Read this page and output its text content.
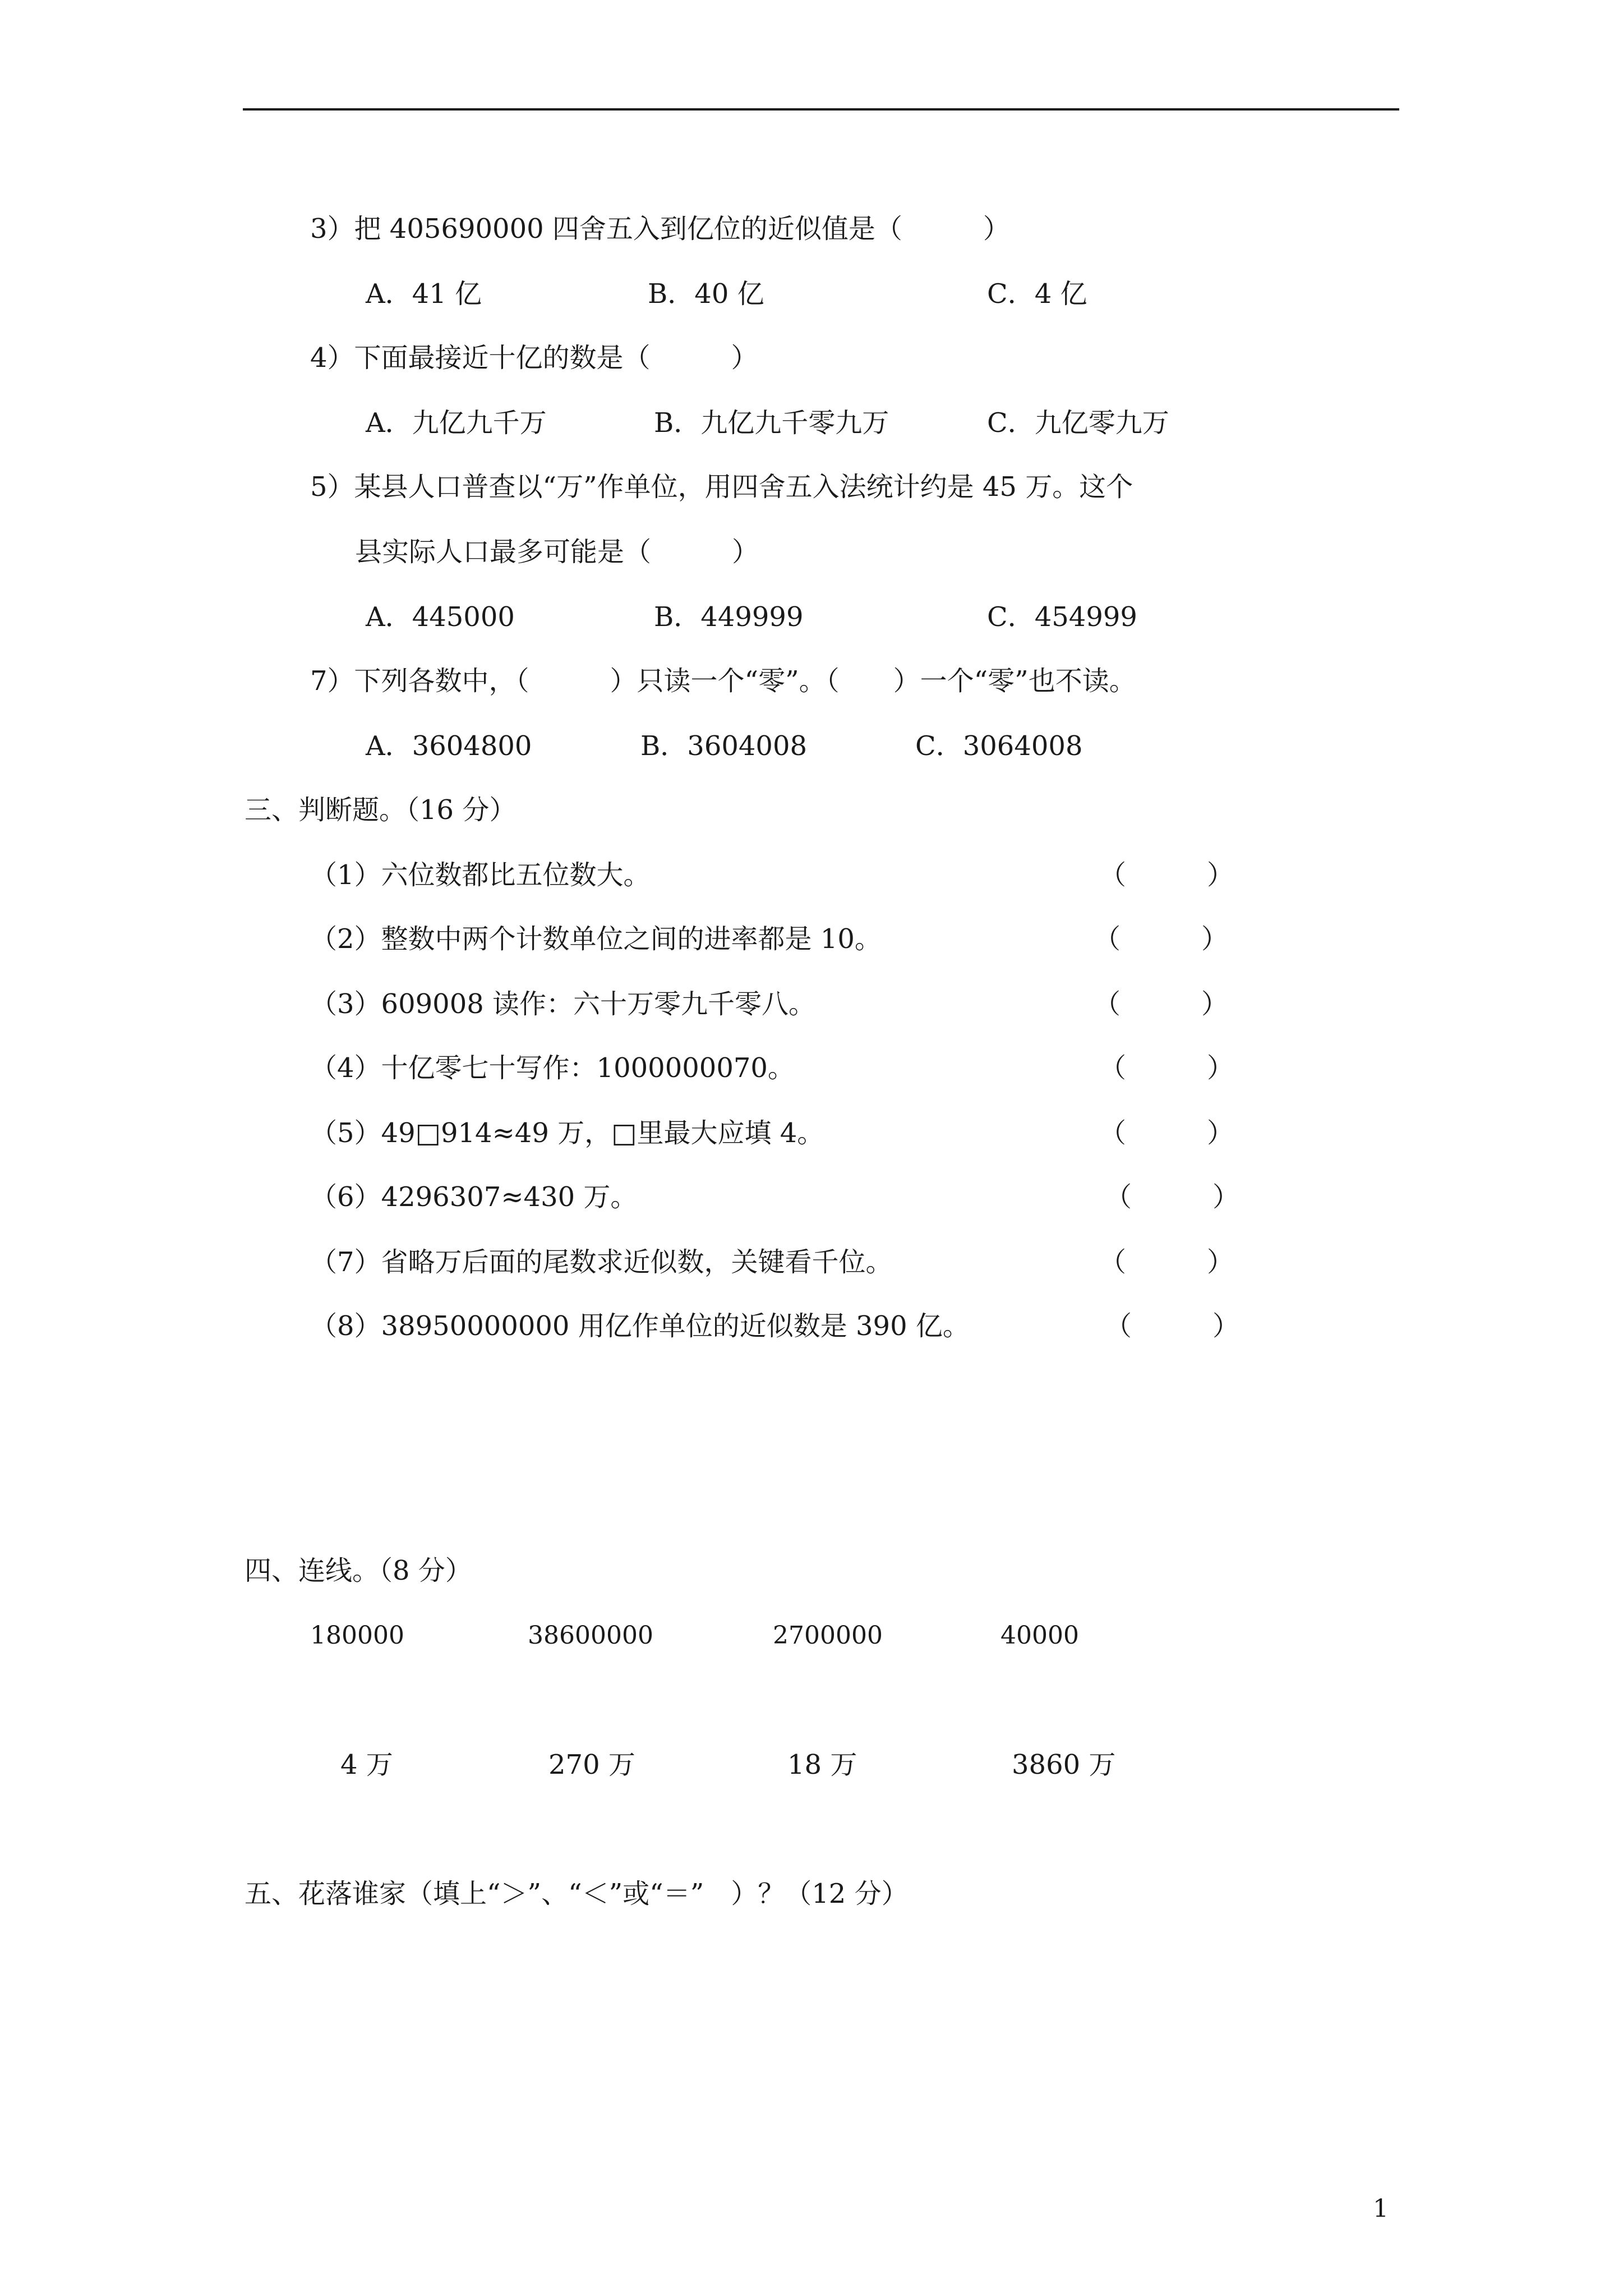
3）把 405690000 四舍五入到亿位的近似值是（　　　）
A．41 亿	B．40 亿	C．4 亿
4）下面最接近十亿的数是（　　　）
A．九亿九千万	B．九亿九千零九万	C．九亿零九万
5）某县人口普查以“万”作单位，用四舍五入法统计约是 45 万。这个
县实际人口最多可能是（　　　）
A．445000	B．449999	C．454999
7）下列各数中，（　　　）只读一个“零”。（　　）一个“零”也不读。
A．3604800	B．3604008	C．3064008
三、判断题。（16 分）
（1）六位数都比五位数大。	（　　　）
（2）整数中两个计数单位之间的进率都是 10。	（　　　）
（3）609008 读作：六十万零九千零八。	（　　　）
（4）十亿零七十写作：1000000070。	（　　　）
（5）49□914≈49 万，□里最大应填 4。	（　　　）
（6）4296307≈430 万。	（　　　）
（7）省略万后面的尾数求近似数，关键看千位。	（　　　）
（8）38950000000 用亿作单位的近似数是 390 亿。	（　　　）
四、连线。（8 分）
180000	38600000	2700000	40000
4 万	270 万	18 万	3860 万
五、花落谁家（填上“＞”、“＜”或“＝”　）？（12 分）
1
